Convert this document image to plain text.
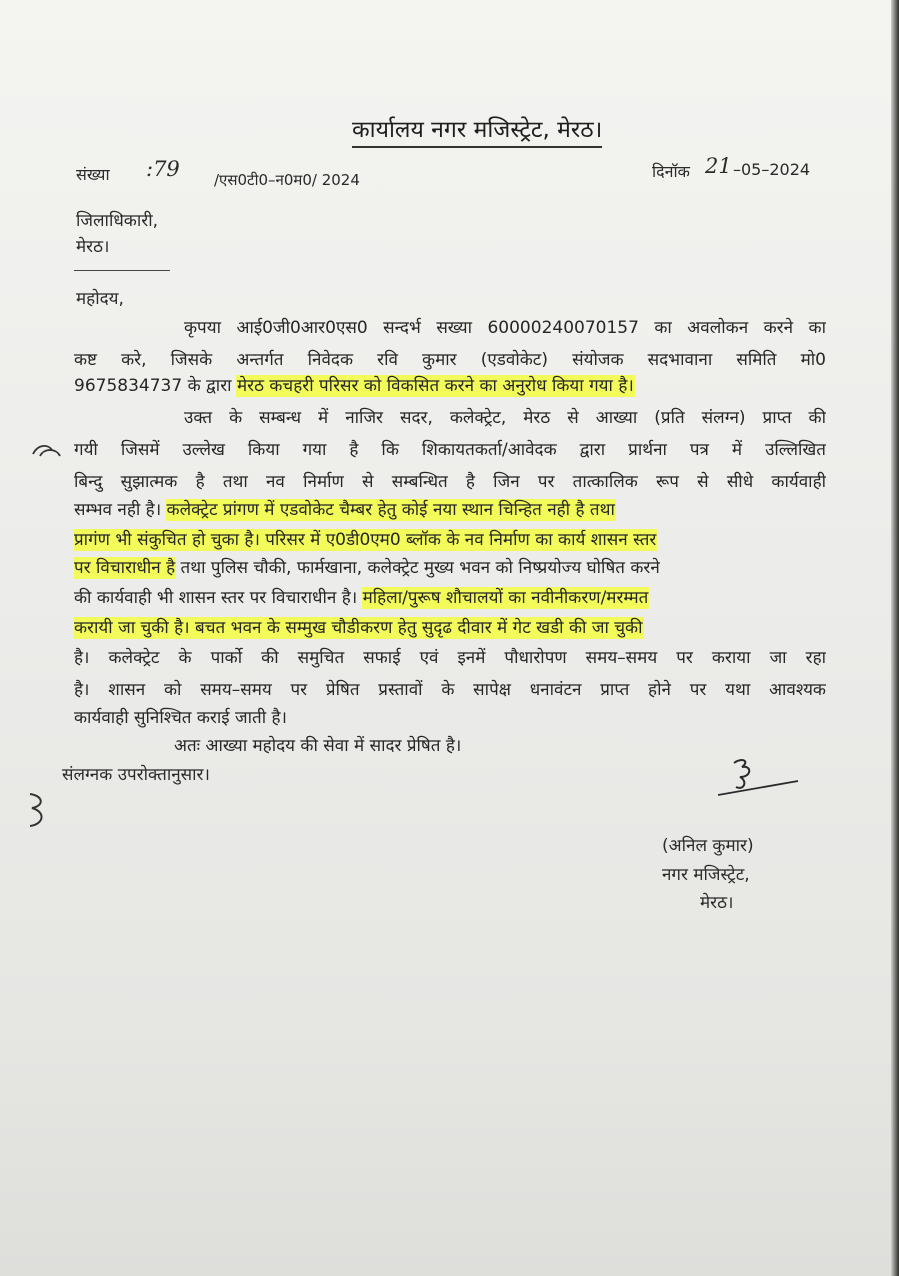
कार्यालय नगर मजिस्ट्रेट, मेरठ।
संख्या :79 /एस0टी0–न0म0/ 2024	दिनॉक 21 –05–2024
जिलाधिकारी,
मेरठ।
महोदय,
कृपया आई0जी0आर0एस0 सन्दर्भ सख्या 60000240070157 का अवलोकन करने का
कष्ट करे, जिसके अन्तर्गत निवेदक रवि कुमार (एडवोकेट) संयोजक सदभावाना समिति मो0
9675834737 के द्वारा मेरठ कचहरी परिसर को विकसित करने का अनुरोध किया गया है।
उक्त के सम्बन्ध में नाजिर सदर, कलेक्ट्रेट, मेरठ से आख्या (प्रति संलग्न) प्राप्त की
गयी जिसमें उल्लेख किया गया है कि शिकायतकर्ता/आवेदक द्वारा प्रार्थना पत्र में उल्लिखित
बिन्दु सुझात्मक है तथा नव निर्माण से सम्बन्धित है जिन पर तात्कालिक रूप से सीधे कार्यवाही
सम्भव नही है। कलेक्ट्रेट प्रांगण में एडवोकेट चैम्बर हेतु कोई नया स्थान चिन्हित नही है तथा
प्रागंण भी संकुचित हो चुका है। परिसर में ए0डी0एम0 ब्लॉक के नव निर्माण का कार्य शासन स्तर
पर विचाराधीन है तथा पुलिस चौकी, फार्मखाना, कलेक्ट्रेट मुख्य भवन को निष्प्रयोज्य घोषित करने
की कार्यवाही भी शासन स्तर पर विचाराधीन है। महिला/पुरूष शौचालयों का नवीनीकरण/मरम्मत
करायी जा चुकी है। बचत भवन के सम्मुख चौडीकरण हेतु सुदृढ दीवार में गेट खडी की जा चुकी
है। कलेक्ट्रेट के पार्को की समुचित सफाई एवं इनमें पौधारोपण समय–समय पर कराया जा रहा
है। शासन को समय–समय पर प्रेषित प्रस्तावों के सापेक्ष धनावंटन प्राप्त होने पर यथा आवश्यक
कार्यवाही सुनिश्चित कराई जाती है।
अतः आख्या महोदय की सेवा में सादर प्रेषित है।
संलग्नक उपरोक्तानुसार।
(अनिल कुमार)
नगर मजिस्ट्रेट,
मेरठ।
